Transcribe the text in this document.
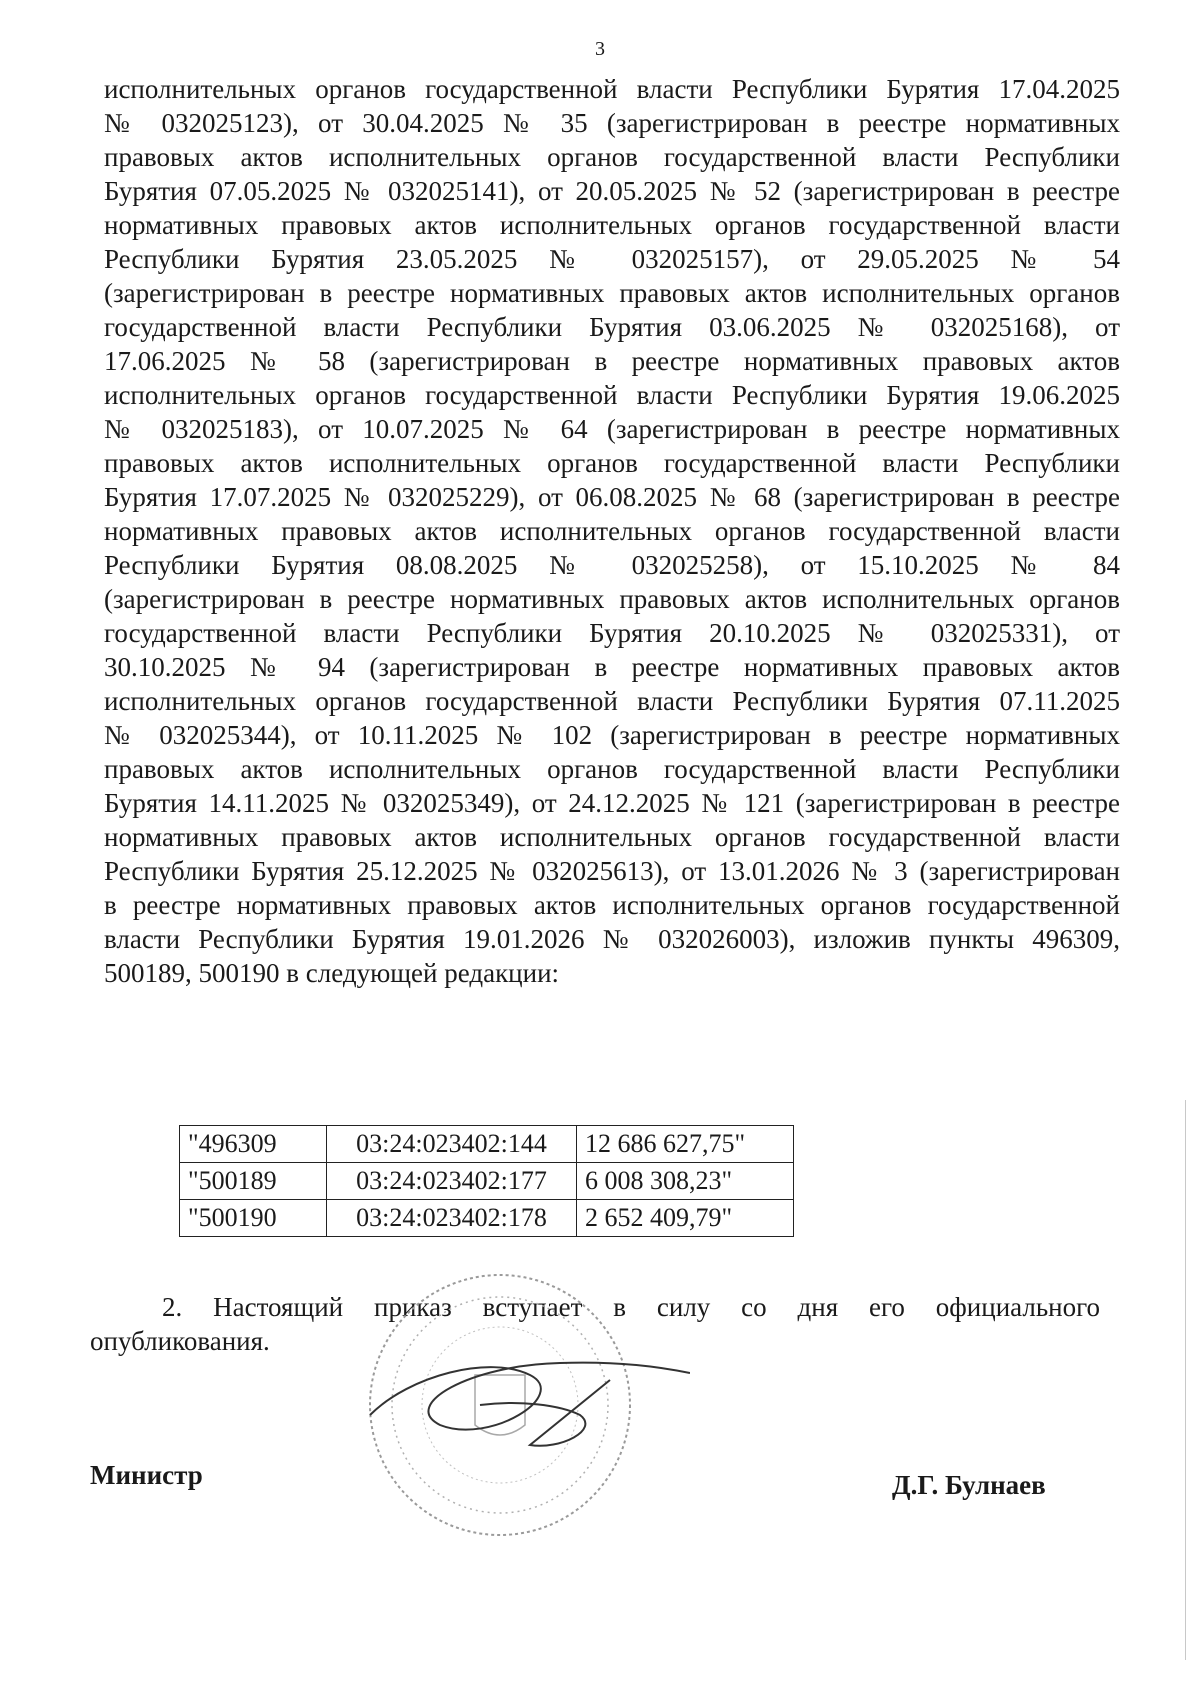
3
исполнительных органов государственной власти Республики Бурятия 17.04.2025
№ 032025123), от 30.04.2025 № 35 (зарегистрирован в реестре нормативных
правовых актов исполнительных органов государственной власти Республики
Бурятия 07.05.2025 № 032025141), от 20.05.2025 № 52 (зарегистрирован в реестре
нормативных правовых актов исполнительных органов государственной власти
Республики Бурятия 23.05.2025 № 032025157), от 29.05.2025 № 54
(зарегистрирован в реестре нормативных правовых актов исполнительных органов
государственной власти Республики Бурятия 03.06.2025 № 032025168), от
17.06.2025 № 58 (зарегистрирован в реестре нормативных правовых актов
исполнительных органов государственной власти Республики Бурятия 19.06.2025
№ 032025183), от 10.07.2025 № 64 (зарегистрирован в реестре нормативных
правовых актов исполнительных органов государственной власти Республики
Бурятия 17.07.2025 № 032025229), от 06.08.2025 № 68 (зарегистрирован в реестре
нормативных правовых актов исполнительных органов государственной власти
Республики Бурятия 08.08.2025 № 032025258), от 15.10.2025 № 84
(зарегистрирован в реестре нормативных правовых актов исполнительных органов
государственной власти Республики Бурятия 20.10.2025 № 032025331), от
30.10.2025 № 94 (зарегистрирован в реестре нормативных правовых актов
исполнительных органов государственной власти Республики Бурятия 07.11.2025
№ 032025344), от 10.11.2025 № 102 (зарегистрирован в реестре нормативных
правовых актов исполнительных органов государственной власти Республики
Бурятия 14.11.2025 № 032025349), от 24.12.2025 № 121 (зарегистрирован в реестре
нормативных правовых актов исполнительных органов государственной власти
Республики Бурятия 25.12.2025 № 032025613), от 13.01.2026 № 3 (зарегистрирован
в реестре нормативных правовых актов исполнительных органов государственной
власти Республики Бурятия 19.01.2026 № 032026003), изложив пункты 496309,
500189, 500190 в следующей редакции:
"496309	03:24:023402:144	12 686 627,75"
"500189	03:24:023402:177	6 008 308,23"
"500190	03:24:023402:178	2 652 409,79"
2. Настоящий приказ вступает в силу со дня его официального
опубликования.
Министр	Д.Г. Булнаев
